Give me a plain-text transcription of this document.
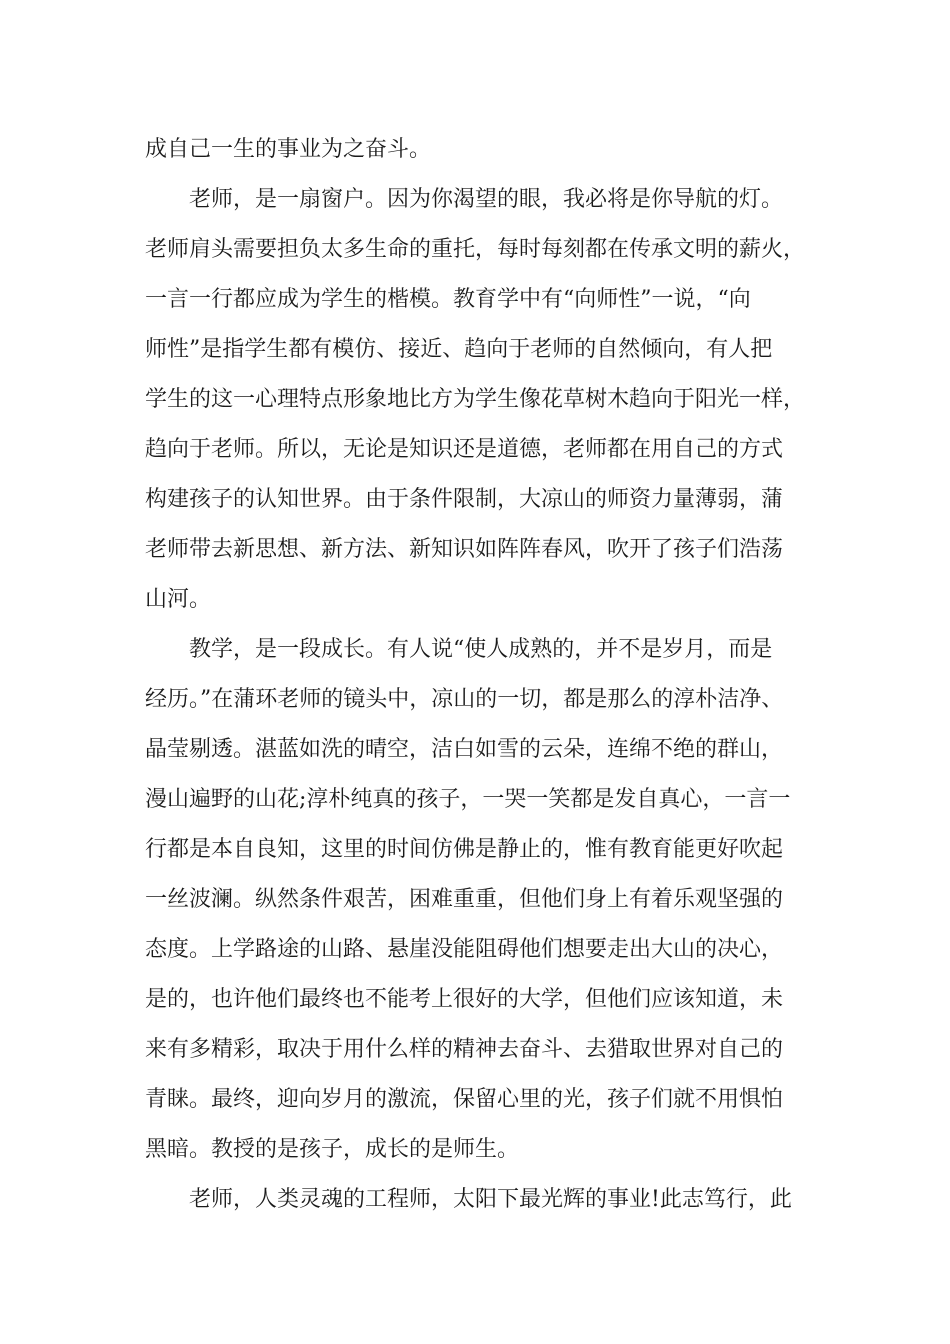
成自己一生的事业为之奋斗。
老师，是一扇窗户。因为你渴望的眼，我必将是你导航的灯。
老师肩头需要担负太多生命的重托，每时每刻都在传承文明的薪火，
一言一行都应成为学生的楷模。教育学中有“向师性”一说，“向
师性”是指学生都有模仿、接近、趋向于老师的自然倾向，有人把
学生的这一心理特点形象地比方为学生像花草树木趋向于阳光一样，
趋向于老师。所以，无论是知识还是道德，老师都在用自己的方式
构建孩子的认知世界。由于条件限制，大凉山的师资力量薄弱，蒲
老师带去新思想、新方法、新知识如阵阵春风，吹开了孩子们浩荡
山河。
教学，是一段成长。有人说“使人成熟的，并不是岁月，而是
经历。”在蒲环老师的镜头中，凉山的一切，都是那么的淳朴洁净、
晶莹剔透。湛蓝如洗的晴空，洁白如雪的云朵，连绵不绝的群山，
漫山遍野的山花;淳朴纯真的孩子，一哭一笑都是发自真心，一言一
行都是本自良知，这里的时间仿佛是静止的，惟有教育能更好吹起
一丝波澜。纵然条件艰苦，困难重重，但他们身上有着乐观坚强的
态度。上学路途的山路、悬崖没能阻碍他们想要走出大山的决心，
是的，也许他们最终也不能考上很好的大学，但他们应该知道，未
来有多精彩，取决于用什么样的精神去奋斗、去猎取世界对自己的
青睐。最终，迎向岁月的激流，保留心里的光，孩子们就不用惧怕
黑暗。教授的是孩子，成长的是师生。
老师，人类灵魂的工程师，太阳下最光辉的事业!此志笃行，此
